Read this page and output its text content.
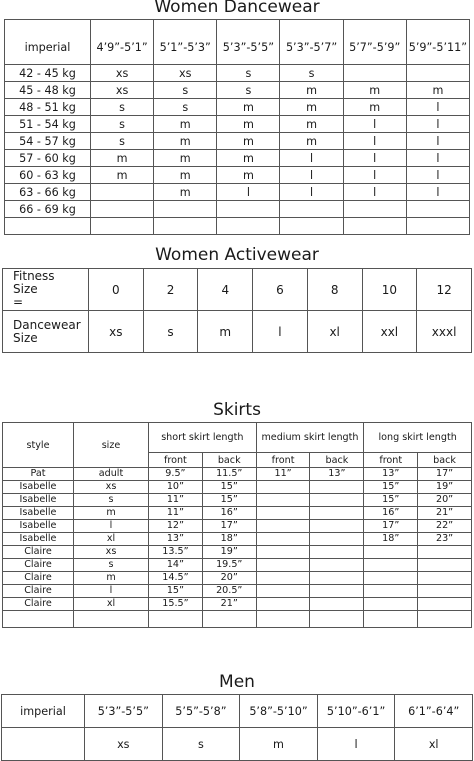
Women Dancewear
imperial	4’9”-5’1”	5’1”-5’3”	5’3”-5’5”	5’3”-5’7”	5’7”-5’9”	5’9”-5’11”
42 - 45 kg	xs	xs	s	s		
45 - 48 kg	xs	s	s	m	m	m
48 - 51 kg	s	s	m	m	m	l
51 - 54 kg	s	m	m	m	l	l
54 - 57 kg	s	m	m	m	l	l
57 - 60 kg	m	m	m	l	l	l
60 - 63 kg	m	m	m	l	l	l
63 - 66 kg		m	l	l	l	l
66 - 69 kg						

Women Activewear
Fitness
Size
=	0	2	4	6	8	10	12

Dancewear
Size	xs	s	m	l	xl	xxl	xxxl
Skirts
style	size	short skirt length		medium skirt length		long skirt length	
		front	back	front	back	front	back
Pat	adult	9.5”	11.5”	11”	13”	13”	17”
Isabelle	xs	10”	15”			15”	19”
Isabelle	s	11”	15”			15”	20”
Isabelle	m	11”	16”			16”	21”
Isabelle	l	12”	17”			17”	22”
Isabelle	xl	13”	18”			18”	23”
Claire	xs	13.5”	19”				
Claire	s	14”	19.5”				
Claire	m	14.5”	20”				
Claire	l	15”	20.5”				
Claire	xl	15.5”	21”				

Men
imperial	5’3”-5’5”	5’5”-5’8”	5’8”-5’10”	5’10”-6’1”	6’1”-6’4”
	xs	s	m	l	xl
